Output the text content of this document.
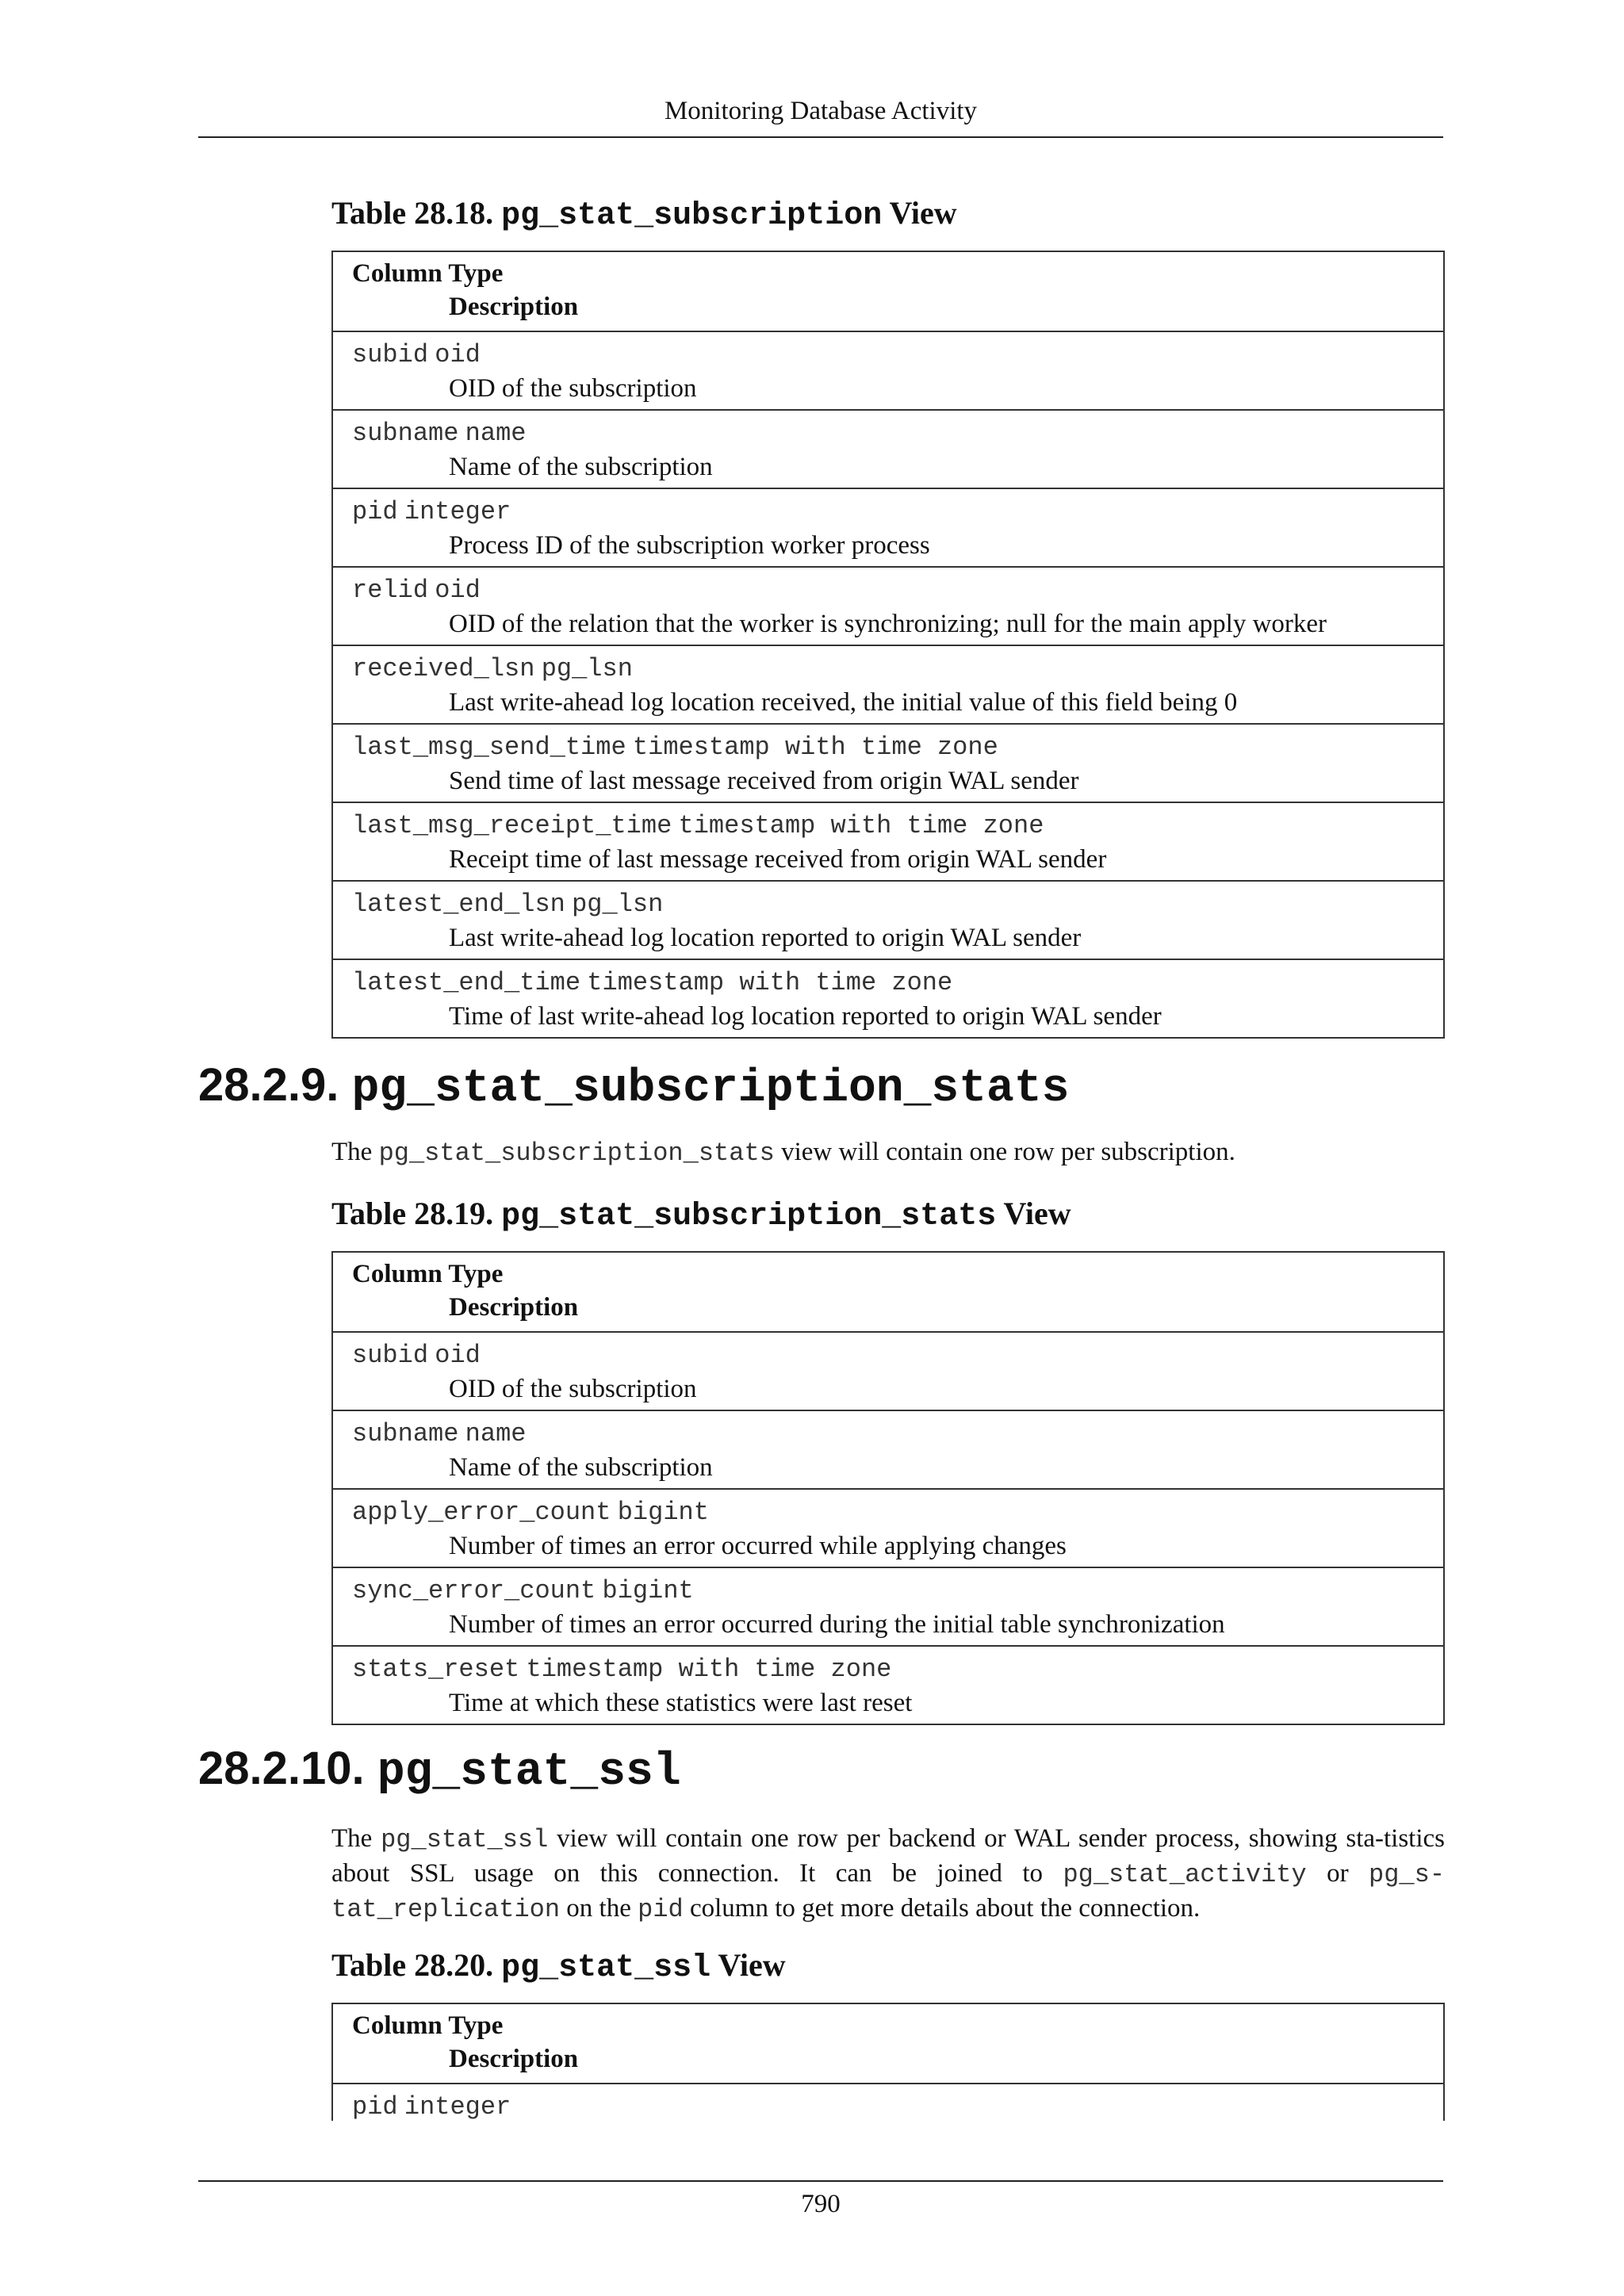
Monitoring Database Activity
Table 28.18. pg_stat_subscription View
Column Type
Description
subid oid
OID of the subscription
subname name
Name of the subscription
pid integer
Process ID of the subscription worker process
relid oid
OID of the relation that the worker is synchronizing; null for the main apply worker
received_lsn pg_lsn
Last write-ahead log location received, the initial value of this field being 0
last_msg_send_time timestamp with time zone
Send time of last message received from origin WAL sender
last_msg_receipt_time timestamp with time zone
Receipt time of last message received from origin WAL sender
latest_end_lsn pg_lsn
Last write-ahead log location reported to origin WAL sender
latest_end_time timestamp with time zone
Time of last write-ahead log location reported to origin WAL sender
28.2.9. pg_stat_subscription_stats
The pg_stat_subscription_stats view will contain one row per subscription.
Table 28.19. pg_stat_subscription_stats View
Column Type
Description
subid oid
OID of the subscription
subname name
Name of the subscription
apply_error_count bigint
Number of times an error occurred while applying changes
sync_error_count bigint
Number of times an error occurred during the initial table synchronization
stats_reset timestamp with time zone
Time at which these statistics were last reset
28.2.10. pg_stat_ssl
The pg_stat_ssl view will contain one row per backend or WAL sender process, showing sta-tistics about SSL usage on this connection. It can be joined to pg_stat_activity or pg_s-tat_replication on the pid column to get more details about the connection.
Table 28.20. pg_stat_ssl View
Column Type
Description
pid integer
790
